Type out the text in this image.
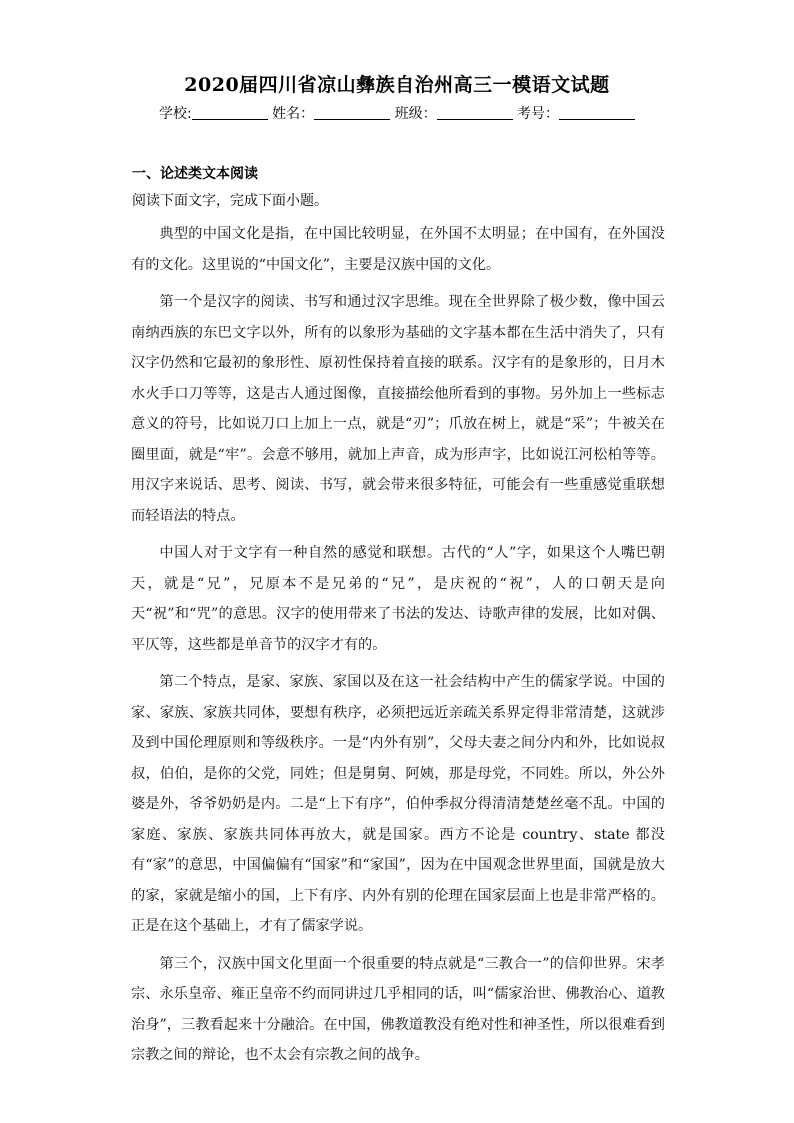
2020届四川省凉山彝族自治州高三一模语文试题
学校:	姓名：	班级：	考号：
一、论述类文本阅读
阅读下面文字，完成下面小题。

典型的中国文化是指，在中国比较明显，在外国不太明显；在中国有，在外国没有的文化。这里说的“中国文化”，主要是汉族中国的文化。

第一个是汉字的阅读、书写和通过汉字思维。现在全世界除了极少数，像中国云南纳西族的东巴文字以外，所有的以象形为基础的文字基本都在生活中消失了，只有汉字仍然和它最初的象形性、原初性保持着直接的联系。汉字有的是象形的，日月木水火手口刀等等，这是古人通过图像，直接描绘他所看到的事物。另外加上一些标志意义的符号，比如说刀口上加上一点，就是“刃”；爪放在树上，就是“采”；牛被关在圈里面，就是“牢”。会意不够用，就加上声音，成为形声字，比如说江河松柏等等。用汉字来说话、思考、阅读、书写，就会带来很多特征，可能会有一些重感觉重联想而轻语法的特点。

中国人对于文字有一种自然的感觉和联想。古代的“人”字，如果这个人嘴巴朝天，就是“兄”，兄原本不是兄弟的“兄”，是庆祝的“祝”，人的口朝天是向天“祝”和“咒”的意思。汉字的使用带来了书法的发达、诗歌声律的发展，比如对偶、平仄等，这些都是单音节的汉字才有的。

第二个特点，是家、家族、家国以及在这一社会结构中产生的儒家学说。中国的家、家族、家族共同体，要想有秩序，必须把远近亲疏关系界定得非常清楚，这就涉及到中国伦理原则和等级秩序。一是“内外有别”，父母夫妻之间分内和外，比如说叔叔，伯伯，是你的父党，同姓；但是舅舅、阿姨，那是母党，不同姓。所以，外公外婆是外，爷爷奶奶是内。二是“上下有序”，伯仲季叔分得清清楚楚丝毫不乱。中国的家庭、家族、家族共同体再放大，就是国家。西方不论是 country、state 都没有“家”的意思，中国偏偏有“国家”和“家国”，因为在中国观念世界里面，国就是放大的家，家就是缩小的国，上下有序、内外有别的伦理在国家层面上也是非常严格的。正是在这个基础上，才有了儒家学说。

第三个，汉族中国文化里面一个很重要的特点就是“三教合一”的信仰世界。宋孝宗、永乐皇帝、雍正皇帝不约而同讲过几乎相同的话，叫“儒家治世、佛教治心、道教治身”，三教看起来十分融洽。在中国，佛教道教没有绝对性和神圣性，所以很难看到宗教之间的辩论，也不太会有宗教之间的战争。
